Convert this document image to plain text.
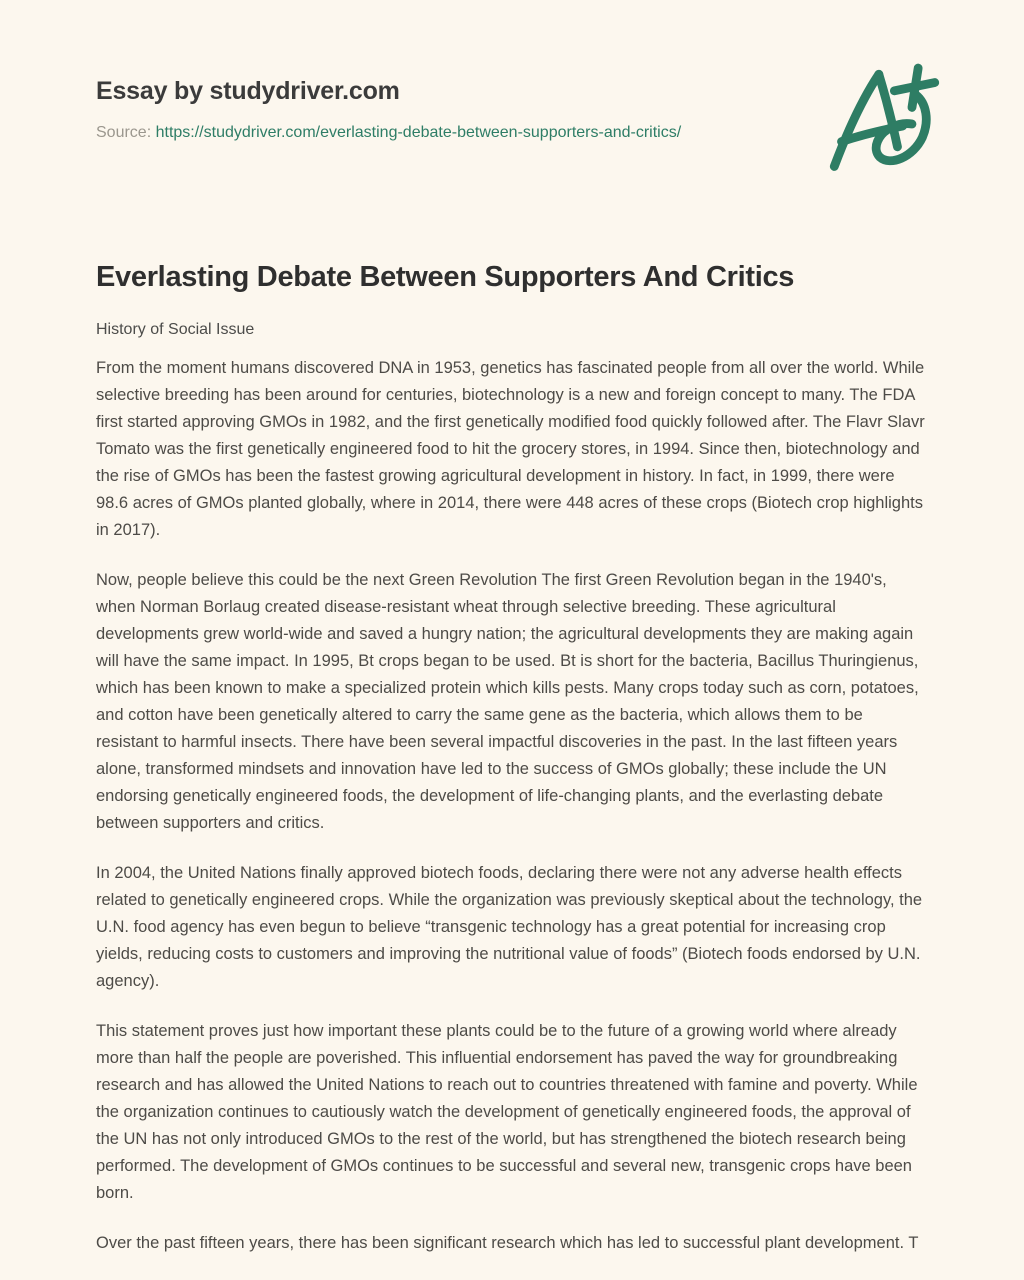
Essay by studydriver.com
Source: https://studydriver.com/everlasting-debate-between-supporters-and-critics/
Everlasting Debate Between Supporters And Critics
History of Social Issue

From the moment humans discovered DNA in 1953, genetics has fascinated people from all over the world. While selective breeding has been around for centuries, biotechnology is a new and foreign concept to many. The FDA first started approving GMOs in 1982, and the first genetically modified food quickly followed after. The Flavr Slavr Tomato was the first genetically engineered food to hit the grocery stores, in 1994. Since then, biotechnology and the rise of GMOs has been the fastest growing agricultural development in history. In fact, in 1999, there were 98.6 acres of GMOs planted globally, where in 2014, there were 448 acres of these crops (Biotech crop highlights in 2017).

Now, people believe this could be the next Green Revolution The first Green Revolution began in the 1940's, when Norman Borlaug created disease-resistant wheat through selective breeding. These agricultural developments grew world-wide and saved a hungry nation; the agricultural developments they are making again will have the same impact. In 1995, Bt crops began to be used. Bt is short for the bacteria, Bacillus Thuringienus, which has been known to make a specialized protein which kills pests. Many crops today such as corn, potatoes, and cotton have been genetically altered to carry the same gene as the bacteria, which allows them to be resistant to harmful insects. There have been several impactful discoveries in the past. In the last fifteen years alone, transformed mindsets and innovation have led to the success of GMOs globally; these include the UN endorsing genetically engineered foods, the development of life-changing plants, and the everlasting debate between supporters and critics.

In 2004, the United Nations finally approved biotech foods, declaring there were not any adverse health effects related to genetically engineered crops. While the organization was previously skeptical about the technology, the U.N. food agency has even begun to believe “transgenic technology has a great potential for increasing crop yields, reducing costs to customers and improving the nutritional value of foods” (Biotech foods endorsed by U.N. agency).

This statement proves just how important these plants could be to the future of a growing world where already more than half the people are poverished. This influential endorsement has paved the way for groundbreaking research and has allowed the United Nations to reach out to countries threatened with famine and poverty. While the organization continues to cautiously watch the development of genetically engineered foods, the approval of the UN has not only introduced GMOs to the rest of the world, but has strengthened the biotech research being performed. The development of GMOs continues to be successful and several new, transgenic crops have been born.

Over the past fifteen years, there has been significant research which has led to successful plant development. T
